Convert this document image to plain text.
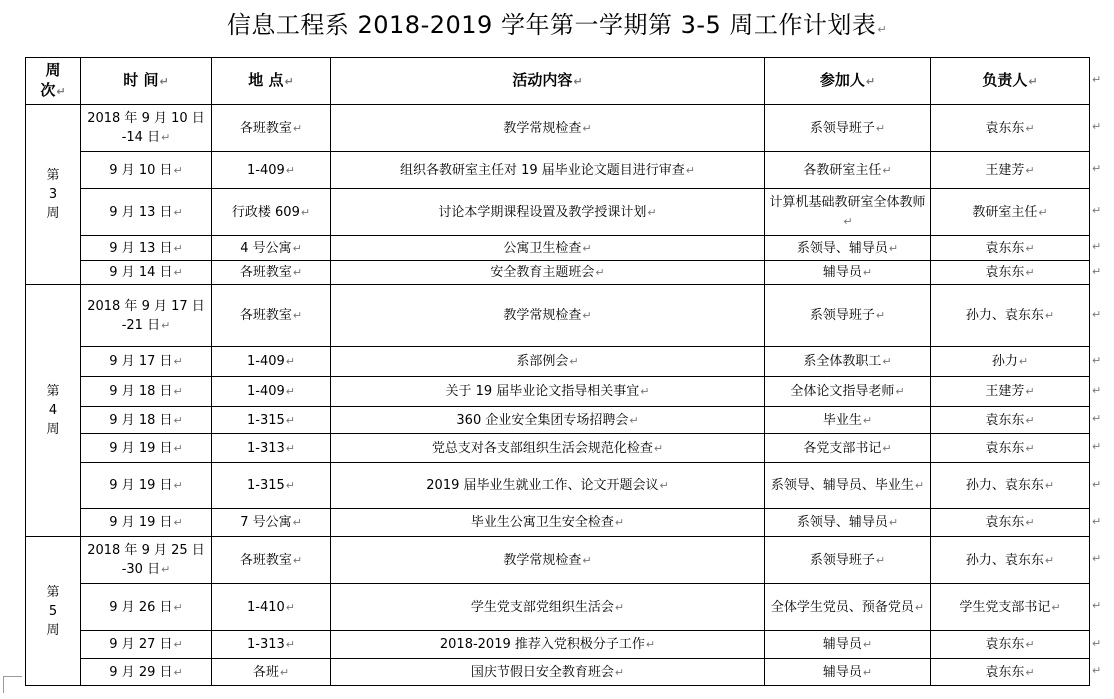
信息工程系 2018-2019 学年第一学期第 3-5 周工作计划表↵
周
次↵	时 间↵	地 点↵	活动内容↵	参加人↵	负责人↵

第
3
周	2018 年 9 月 10 日 -14 日↵	各班教室↵	教学常规检查↵	系领导班子↵	袁东东↵
	9 月 10 日↵	1-409↵	组织各教研室主任对 19 届毕业论文题目进行审查↵	各教研室主任↵	王建芳↵
	9 月 13 日↵	行政楼 609↵	讨论本学期课程设置及教学授课计划↵	计算机基础教研室全体教师↵	教研室主任↵
	9 月 13 日↵	4 号公寓↵	公寓卫生检查↵	系领导、辅导员↵	袁东东↵
	9 月 14 日↵	各班教室↵	安全教育主题班会↵	辅导员↵	袁东东↵

第
4
周	2018 年 9 月 17 日 -21 日↵	各班教室↵	教学常规检查↵	系领导班子↵	孙力、袁东东↵
	9 月 17 日↵	1-409↵	系部例会↵	系全体教职工↵	孙力↵
	9 月 18 日↵	1-409↵	关于 19 届毕业论文指导相关事宜↵	全体论文指导老师↵	王建芳↵
	9 月 18 日↵	1-315↵	360 企业安全集团专场招聘会↵	毕业生↵	袁东东↵
	9 月 19 日↵	1-313↵	党总支对各支部组织生活会规范化检查↵	各党支部书记↵	袁东东↵
	9 月 19 日↵	1-315↵	2019 届毕业生就业工作、论文开题会议↵	系领导、辅导员、毕业生↵	孙力、袁东东↵
	9 月 19 日↵	7 号公寓↵	毕业生公寓卫生安全检查↵	系领导、辅导员↵	袁东东↵

第
5
周	2018 年 9 月 25 日 -30 日↵	各班教室↵	教学常规检查↵	系领导班子↵	孙力、袁东东↵
	9 月 26 日↵	1-410↵	学生党支部党组织生活会↵	全体学生党员、预备党员↵	学生党支部书记↵
	9 月 27 日↵	1-313↵	2018-2019 推荐入党积极分子工作↵	辅导员↵	袁东东↵
	9 月 29 日↵	各班↵	国庆节假日安全教育班会↵	辅导员↵	袁东东↵
↵
↵
↵
↵
↵
↵
↵
↵
↵
↵
↵
↵
↵
↵
↵
↵
↵
